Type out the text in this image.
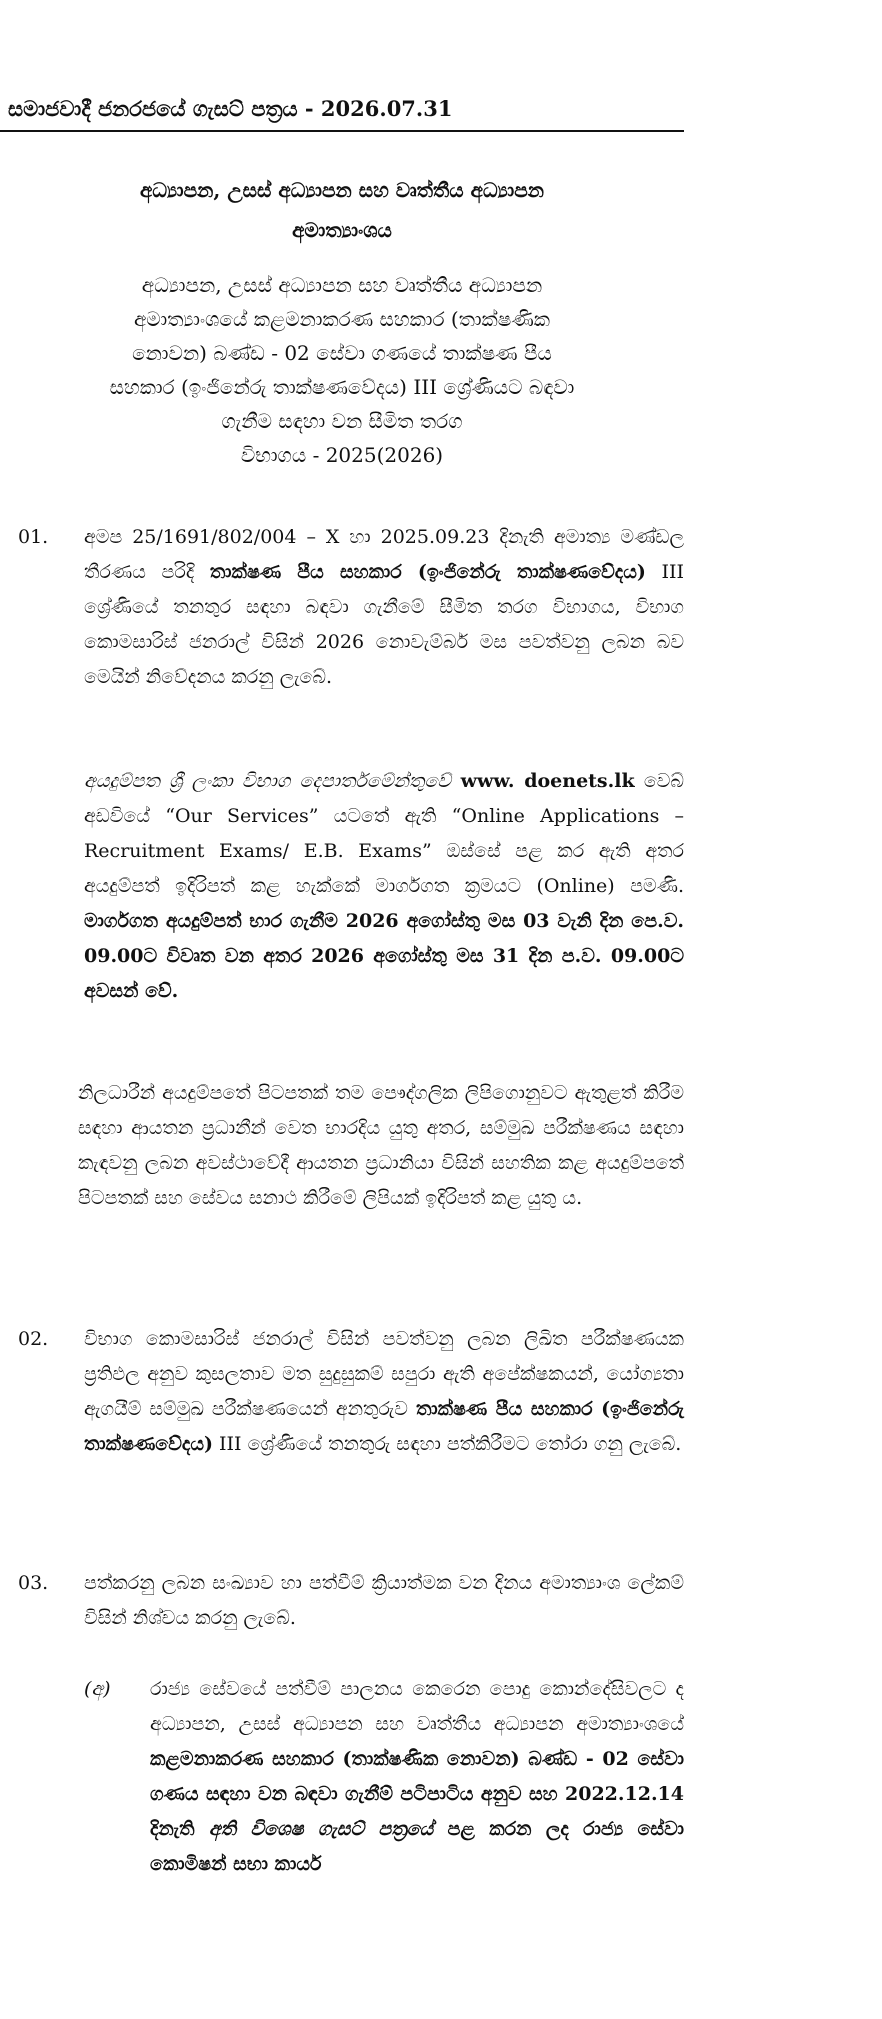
සමාජවාදී ජනරජයේ ගැසට් පත්‍රය - 2026.07.31
අධ්‍යාපන, උසස් අධ්‍යාපන සහ වෘත්තීය අධ්‍යාපන
අමාත්‍යාංශය
අධ්‍යාපන, උසස් අධ්‍යාපන සහ වෘත්තීය අධ්‍යාපන
අමාත්‍යාංශයේ කළමනාකරණ සහකාර (තාක්ෂණික
නොවන) බණ්ඩ - 02 සේවා ගණයේ තාක්ෂණ පීය
සහකාර (ඉංජිනේරු තාක්ෂණවේදය) III ශ්‍රේණියට බඳවා
ගැනීම සඳහා වන සීමිත තරග
විභාගය - 2025(2026)
01. අමප 25/1691/802/004 – X හා 2025.09.23 දිනැති අමාත්‍ය මණ්ඩල තීරණය පරිදි තාක්ෂණ පීය සහකාර (ඉංජිනේරු තාක්ෂණවේදය) III ශ්‍රේණියේ තනතුර සඳහා බඳවා ගැනීමේ සීමිත තරග විභාගය, විභාග කොමසාරිස් ජනරාල් විසින් 2026 නොවැම්බර් මස පවත්වනු ලබන බව මෙයින් නිවේදනය කරනු ලැබේ.
අයදුම්පත ශ්‍රී ලංකා විභාග දෙපාර්තමේන්තුවේ www. doenets.lk වෙබ් අඩවියේ “Our Services” යටතේ ඇති “Online Applications – Recruitment Exams/ E.B. Exams” ඔස්සේ පළ කර ඇති අතර අයදුම්පත් ඉදිරිපත් කළ හැක්කේ මාර්ගගත ක්‍රමයට (Online) පමණි. මාර්ගගත අයදුම්පත් භාර ගැනීම 2026 අගෝස්තු මස 03 වැනි දින පෙ.ව. 09.00ට විවෘත වන අතර 2026 අගෝස්තු මස 31 දින ප.ව. 09.00ට අවසන් වේ.
නිලධාරීන් අයදුම්පතේ පිටපතක් තම පෞද්ගලික ලිපිගොනුවට ඇතුළත් කිරීම සඳහා ආයතන ප්‍රධානීන් වෙත භාරදිය යුතු අතර, සම්මුඛ පරීක්ෂණය සඳහා කැඳවනු ලබන අවස්ථාවේදී ආයතන ප්‍රධානියා විසින් සහතික කළ අයදුම්පතේ පිටපතක් සහ සේවය සනාථ කිරීමේ ලිපියක් ඉදිරිපත් කළ යුතු ය.
02. විභාග කොමසාරිස් ජනරාල් විසින් පවත්වනු ලබන ලිඛිත පරීක්ෂණයක ප්‍රතිඵල අනුව කුසලතාව මත සුදුසුකම් සපුරා ඇති අපේක්ෂකයන්, යෝග්‍යතා ඇගයීම් සම්මුඛ පරීක්ෂණයෙන් අනතුරුව තාක්ෂණ පීය සහකාර (ඉංජිනේරු තාක්ෂණවේදය) III ශ්‍රේණියේ තනතුරු සඳහා පත්කිරීමට තෝරා ගනු ලැබේ.
03. පත්කරනු ලබන සංඛ්‍යාව හා පත්වීම් ක්‍රියාත්මක වන දිනය අමාත්‍යාංශ ලේකම් විසින් නිශ්චය කරනු ලැබේ.
(අ) රාජ්‍ය සේවයේ පත්වීම් පාලනය කෙරෙන පොදු කොන්දේසිවලට ද අධ්‍යාපන, උසස් අධ්‍යාපන සහ වෘත්තීය අධ්‍යාපන අමාත්‍යාංශයේ කළමනාකරණ සහකාර (තාක්ෂණික නොවන) බණ්ඩ - 02 සේවා ගණය සඳහා වන බඳවා ගැනීම් පටිපාටිය අනුව සහ 2022.12.14 දිනැති අති විශෙෂ ගැසට් පත්‍රයේ පළ කරන ලද රාජ්‍ය සේවා කොමිෂන් සභා කාර්ය
